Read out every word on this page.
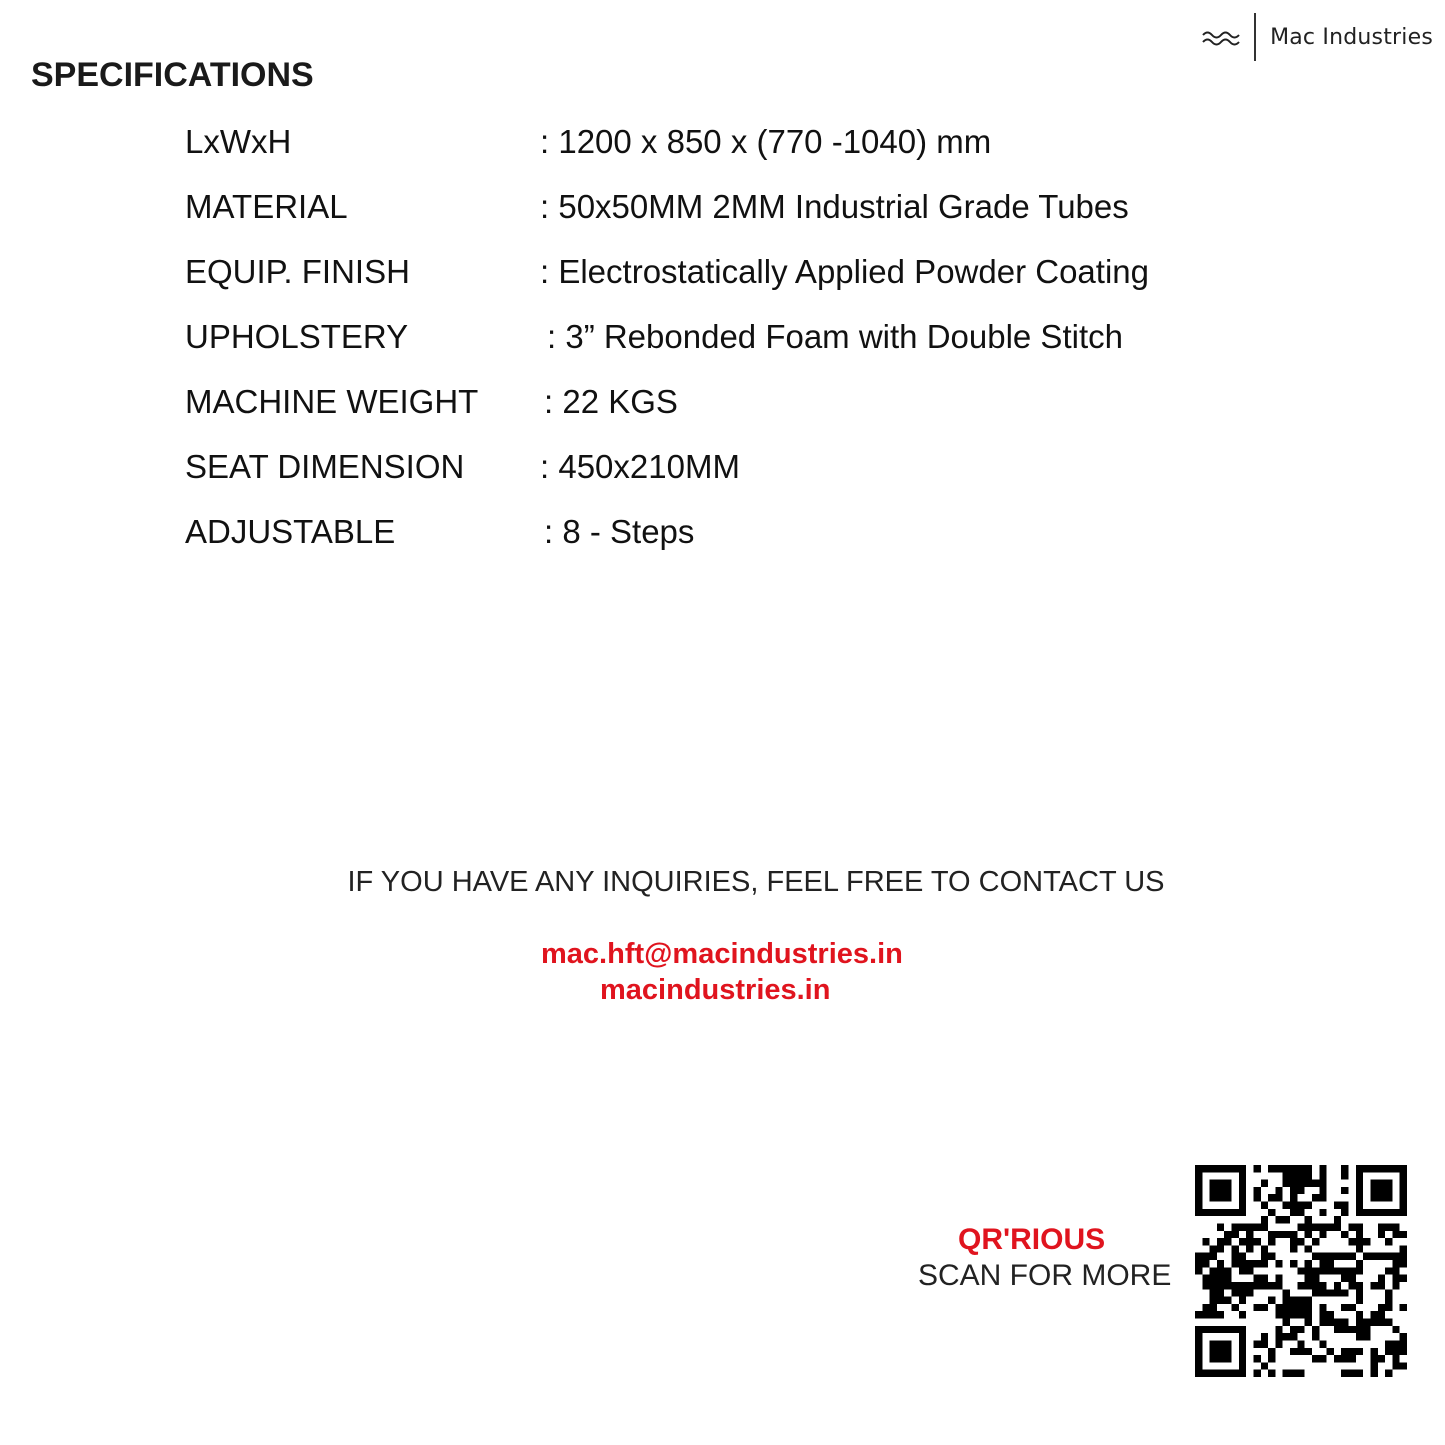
Mac Industries
SPECIFICATIONS
LxWxH	: 1200 x 850 x (770 -1040) mm
MATERIAL	: 50x50MM 2MM Industrial Grade Tubes
EQUIP. FINISH	: Electrostatically Applied Powder Coating
UPHOLSTERY	: 3” Rebonded Foam with Double Stitch
MACHINE WEIGHT : 22 KGS
SEAT DIMENSION : 450x210MM
ADJUSTABLE	: 8 - Steps
IF YOU HAVE ANY INQUIRIES, FEEL FREE TO CONTACT US
mac.hft@macindustries.in
macindustries.in
QR'RIOUS
SCAN FOR MORE
